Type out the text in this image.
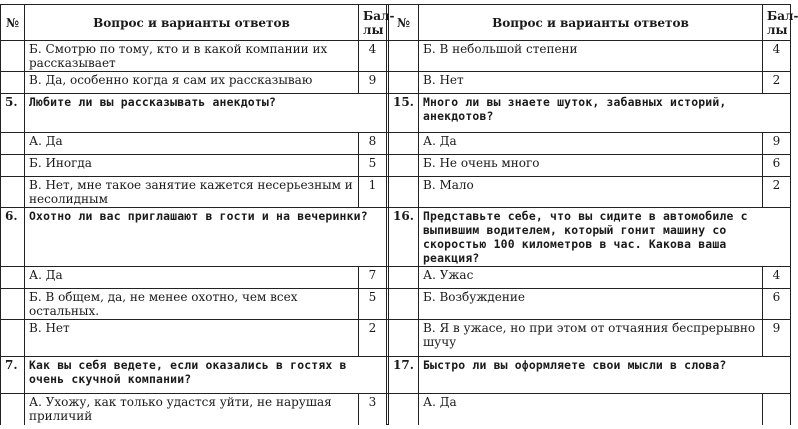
№	Вопрос и варианты ответов	Бал-
лы		№	Вопрос и варианты ответов	Бал-
лы
	Б. Смотрю по тому, кто и в какой компании их рассказывает	4			Б. В небольшой степени	4
	В. Да, особенно когда я сам их рассказываю	9			В. Нет	2
5.	Любите ли вы рассказывать анекдоты?			15.	Много ли вы знаете шуток, забавных историй, анекдотов?	
	А. Да	8			А. Да	9
	Б. Иногда	5			Б. Не очень много	6
	В. Нет, мне такое занятие кажется несерьезным и несолидным	1			В. Мало	2
6.	Охотно ли вас приглашают в гости и на вечеринки?			16.	Представьте себе, что вы сидите в автомобиле с выпившим водителем, который гонит машину со скоростью 100 километров в час. Какова ваша реакция?	
	А. Да	7			А. Ужас	4
	Б. В общем, да, не менее охотно, чем всех остальных.	5			Б. Возбуждение	6
	В. Нет	2			В. Я в ужасе, но при этом от отчаяния беспрерывно шучу	9
7.	Как вы себя ведете, если оказались в гостях в очень скучной компании?			17.	Быстро ли вы оформляете свои мысли в слова?	
	А. Ухожу, как только удастся уйти, не нарушая приличий	3			А. Да	
